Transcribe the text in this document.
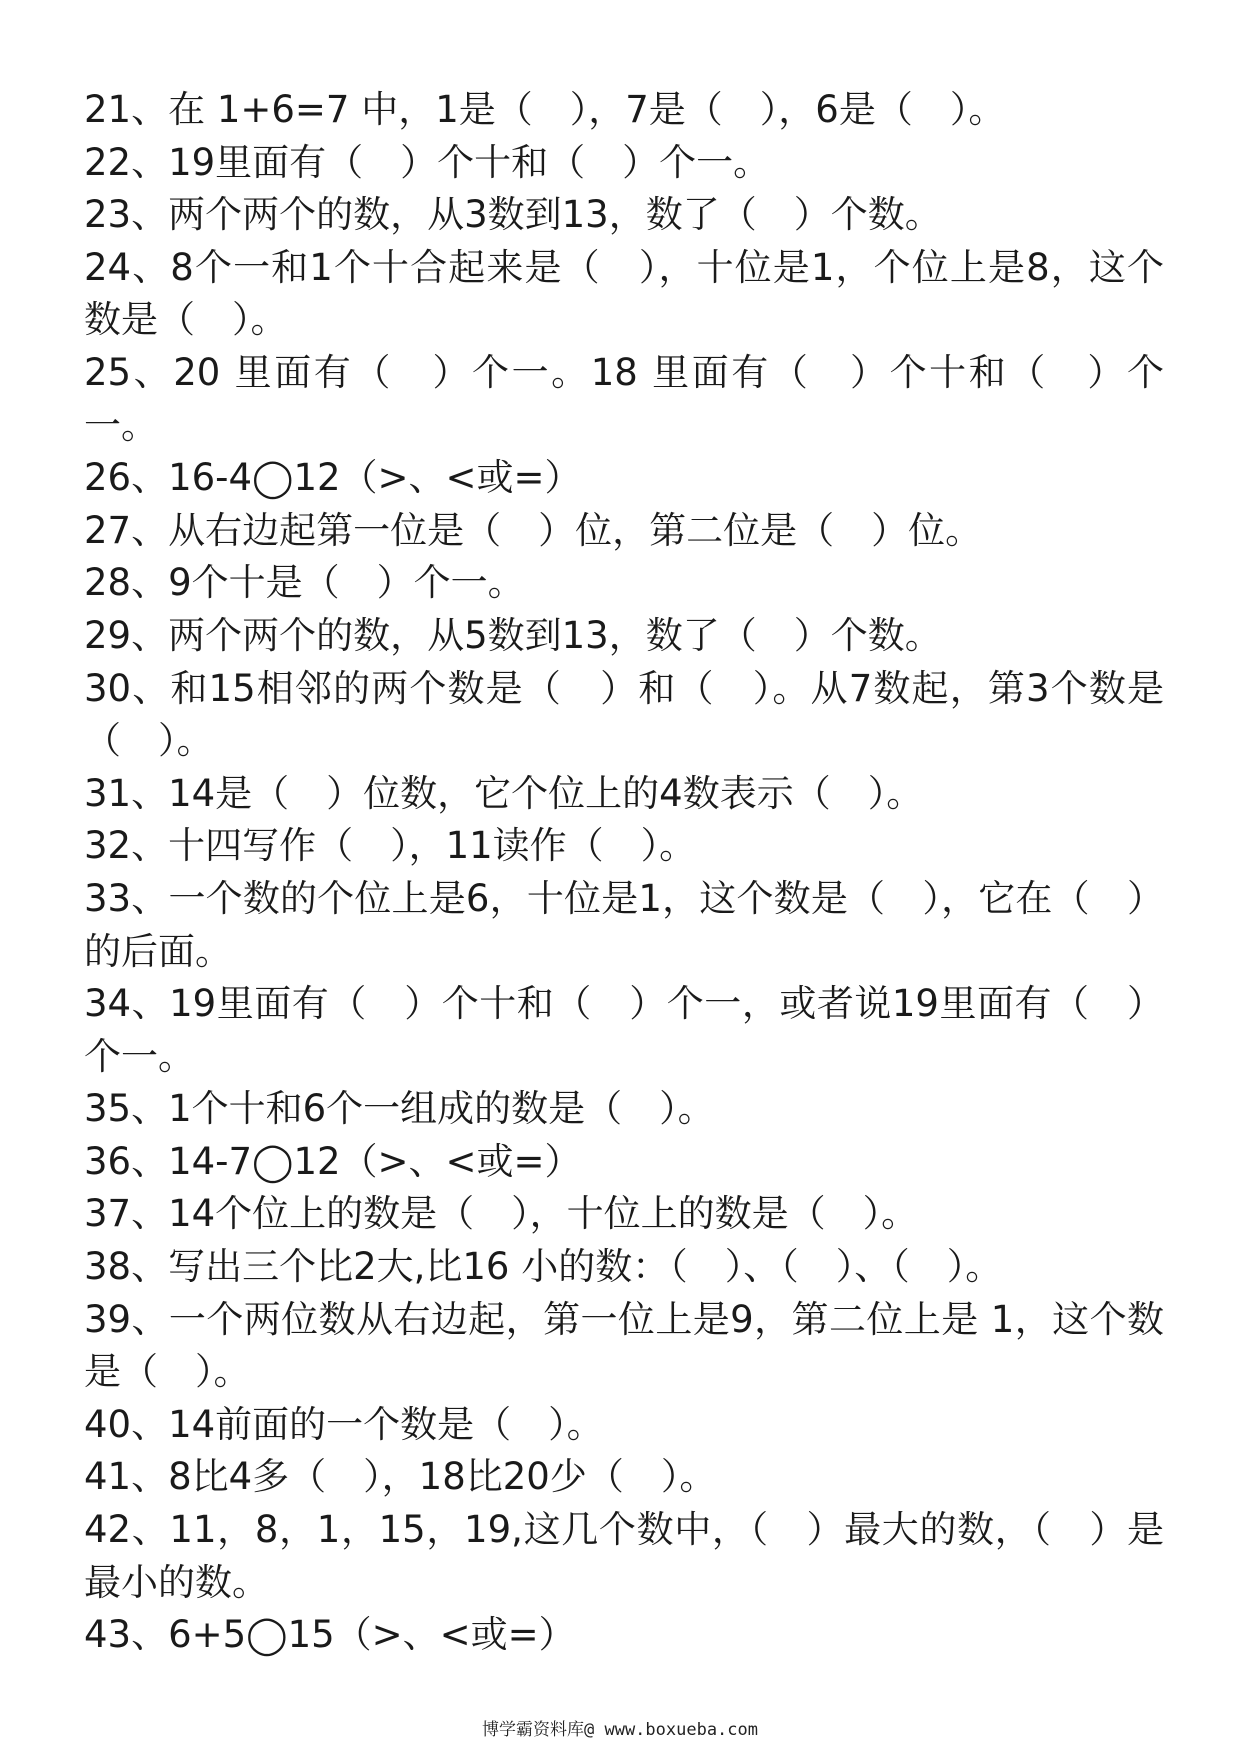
21、在 1+6=7 中，1是（　），7是（　），6是（　）。

22、19里面有（　）个十和（　）个一。

23、两个两个的数，从3数到13，数了（　）个数。

24、8个一和1个十合起来是（　），十位是1，个位上是8，这个数是（　）。

25、20 里面有（　）个一。18 里面有（　）个十和（　）个一。

26、16-4◯12（>、<或=）

27、从右边起第一位是（　）位，第二位是（　）位。

28、9个十是（　）个一。

29、两个两个的数，从5数到13，数了（　）个数。

30、和15相邻的两个数是（　）和（　）。从7数起，第3个数是（　）。

31、14是（　）位数，它个位上的4数表示（　）。

32、十四写作（　），11读作（　）。

33、一个数的个位上是6，十位是1，这个数是（　），它在（　）的后面。

34、19里面有（　）个十和（　）个一，或者说19里面有（　）个一。

35、1个十和6个一组成的数是（　）。

36、14-7◯12（>、<或=）

37、14个位上的数是（　），十位上的数是（　）。

38、写出三个比2大,比16 小的数：（　）、（　）、（　）。

39、一个两位数从右边起，第一位上是9，第二位上是 1，这个数是（　）。

40、14前面的一个数是（　）。

41、8比4多（　），18比20少（　）。

42、11，8，1，15，19,这几个数中，（　）最大的数，（　）是最小的数。

43、6+5◯15（>、<或=）

博学霸资料库@ www.boxueba.com
